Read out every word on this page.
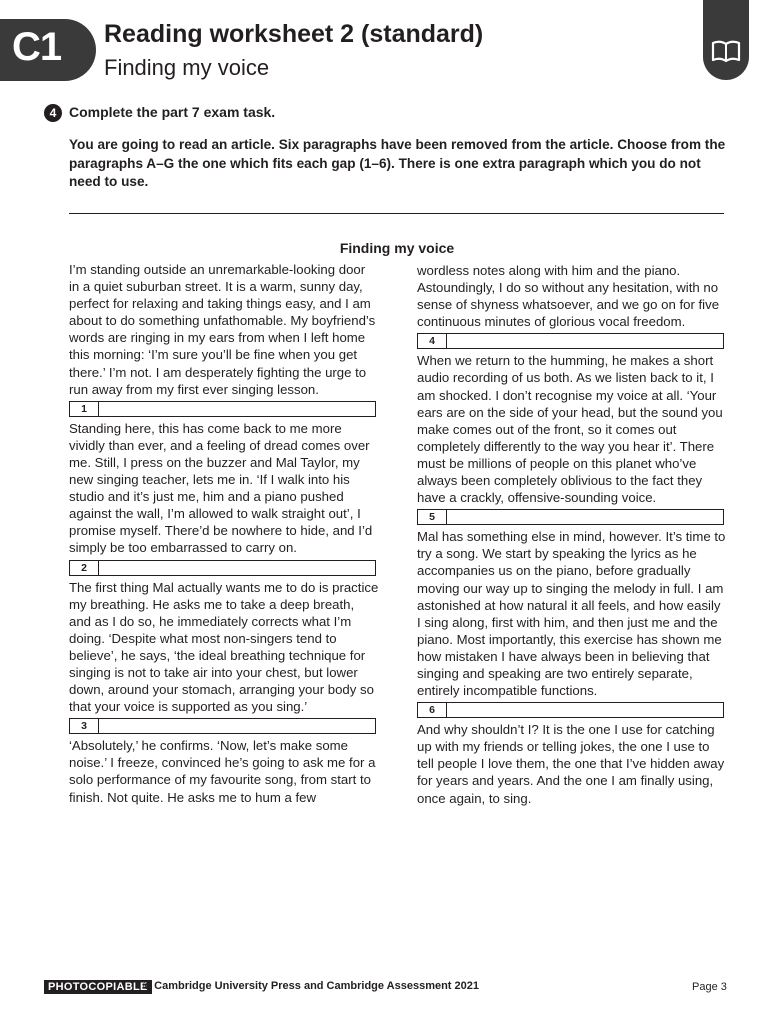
C1 Reading worksheet 2 (standard)
Finding my voice
4 Complete the part 7 exam task.
You are going to read an article. Six paragraphs have been removed from the article. Choose from the paragraphs A–G the one which fits each gap (1–6). There is one extra paragraph which you do not need to use.
Finding my voice

I’m standing outside an unremarkable-looking door in a quiet suburban street. It is a warm, sunny day, perfect for relaxing and taking things easy, and I am about to do something unfathomable. My boyfriend’s words are ringing in my ears from when I left home this morning: ‘I’m sure you’ll be fine when you get there.’ I’m not. I am desperately fighting the urge to run away from my first ever singing lesson.

1

Standing here, this has come back to me more vividly than ever, and a feeling of dread comes over me. Still, I press on the buzzer and Mal Taylor, my new singing teacher, lets me in. ‘If I walk into his studio and it’s just me, him and a piano pushed against the wall, I’m allowed to walk straight out’, I promise myself. There’d be nowhere to hide, and I’d simply be too embarrassed to carry on.

2

The first thing Mal actually wants me to do is practice my breathing. He asks me to take a deep breath, and as I do so, he immediately corrects what I’m doing. ‘Despite what most non-singers tend to believe’, he says, ‘the ideal breathing technique for singing is not to take air into your chest, but lower down, around your stomach, arranging your body so that your voice is supported as you sing.’

3

‘Absolutely,’ he confirms. ‘Now, let’s make some noise.’ I freeze, convinced he’s going to ask me for a solo performance of my favourite song, from start to finish. Not quite. He asks me to hum a few

wordless notes along with him and the piano. Astoundingly, I do so without any hesitation, with no sense of shyness whatsoever, and we go on for five continuous minutes of glorious vocal freedom.

4

When we return to the humming, he makes a short audio recording of us both. As we listen back to it, I am shocked. I don’t recognise my voice at all. ‘Your ears are on the side of your head, but the sound you make comes out of the front, so it comes out completely differently to the way you hear it’. There must be millions of people on this planet who’ve always been completely oblivious to the fact they have a crackly, offensive-sounding voice.

5

Mal has something else in mind, however. It’s time to try a song. We start by speaking the lyrics as he accompanies us on the piano, before gradually moving our way up to singing the melody in full. I am astonished at how natural it all feels, and how easily I sing along, first with him, and then just me and the piano. Most importantly, this exercise has shown me how mistaken I have always been in believing that singing and speaking are two entirely separate, entirely incompatible functions.

6

And why shouldn’t I? It is the one I use for catching up with my friends or telling jokes, the one I use to tell people I love them, the one that I’ve hidden away for years and years. And the one I am finally using, once again, to sing.

PHOTOCOPIABLE
© Cambridge University Press and Cambridge Assessment 2021	Page 3
